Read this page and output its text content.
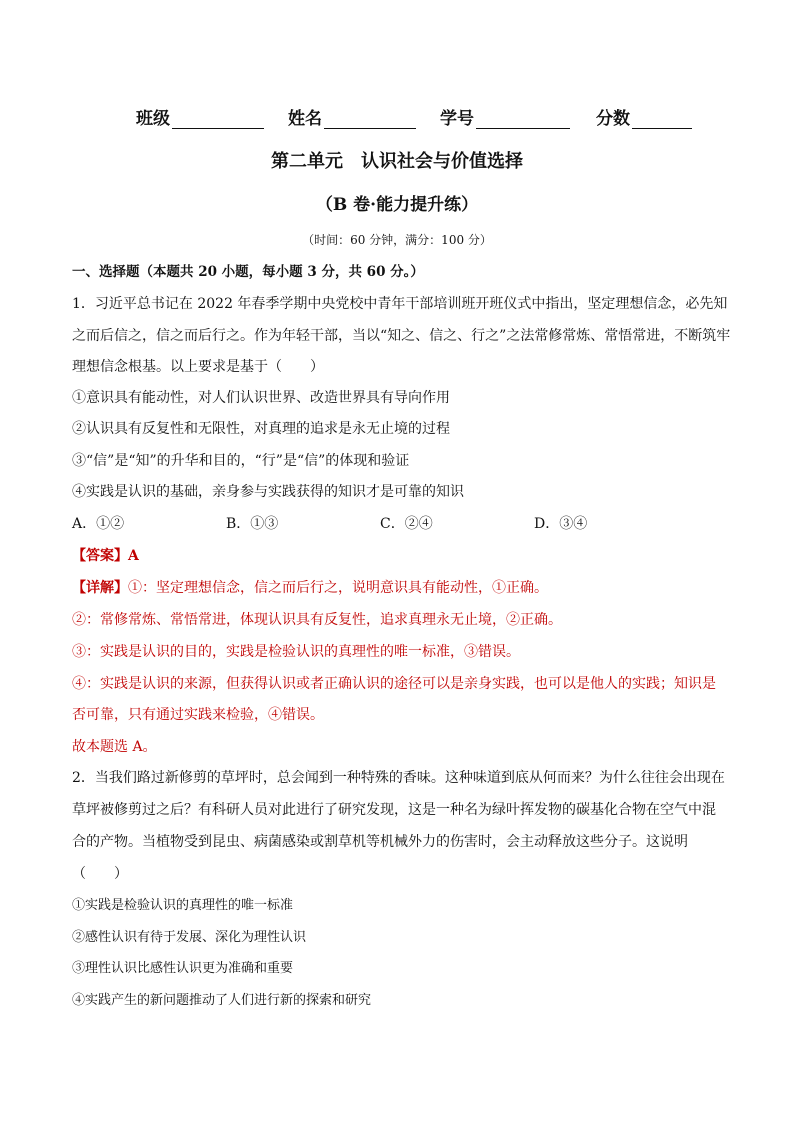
班级	姓名	学号	分数
第二单元　认识社会与价值选择
（B 卷·能力提升练）
（时间：60 分钟，满分：100 分）
一、选择题（本题共 20 小题，每小题 3 分，共 60 分。）
1．习近平总书记在 2022 年春季学期中央党校中青年干部培训班开班仪式中指出，坚定理想信念，必先知
之而后信之，信之而后行之。作为年轻干部，当以“知之、信之、行之”之法常修常炼、常悟常进，不断筑牢
理想信念根基。以上要求是基于（　　）
①意识具有能动性，对人们认识世界、改造世界具有导向作用
②认识具有反复性和无限性，对真理的追求是永无止境的过程
③“信”是“知”的升华和目的，“行”是“信”的体现和验证
④实践是认识的基础，亲身参与实践获得的知识才是可靠的知识
A．①②	B．①③	C．②④	D．③④
【答案】A
【详解】①：坚定理想信念，信之而后行之，说明意识具有能动性，①正确。
②：常修常炼、常悟常进，体现认识具有反复性，追求真理永无止境，②正确。
③：实践是认识的目的，实践是检验认识的真理性的唯一标准，③错误。
④：实践是认识的来源，但获得认识或者正确认识的途径可以是亲身实践，也可以是他人的实践；知识是
否可靠，只有通过实践来检验，④错误。
故本题选 A。
2．当我们路过新修剪的草坪时，总会闻到一种特殊的香味。这种味道到底从何而来？为什么往往会出现在
草坪被修剪过之后？有科研人员对此进行了研究发现，这是一种名为绿叶挥发物的碳基化合物在空气中混
合的产物。当植物受到昆虫、病菌感染或割草机等机械外力的伤害时，会主动释放这些分子。这说明
（　　）
①实践是检验认识的真理性的唯一标准
②感性认识有待于发展、深化为理性认识
③理性认识比感性认识更为准确和重要
④实践产生的新问题推动了人们进行新的探索和研究
